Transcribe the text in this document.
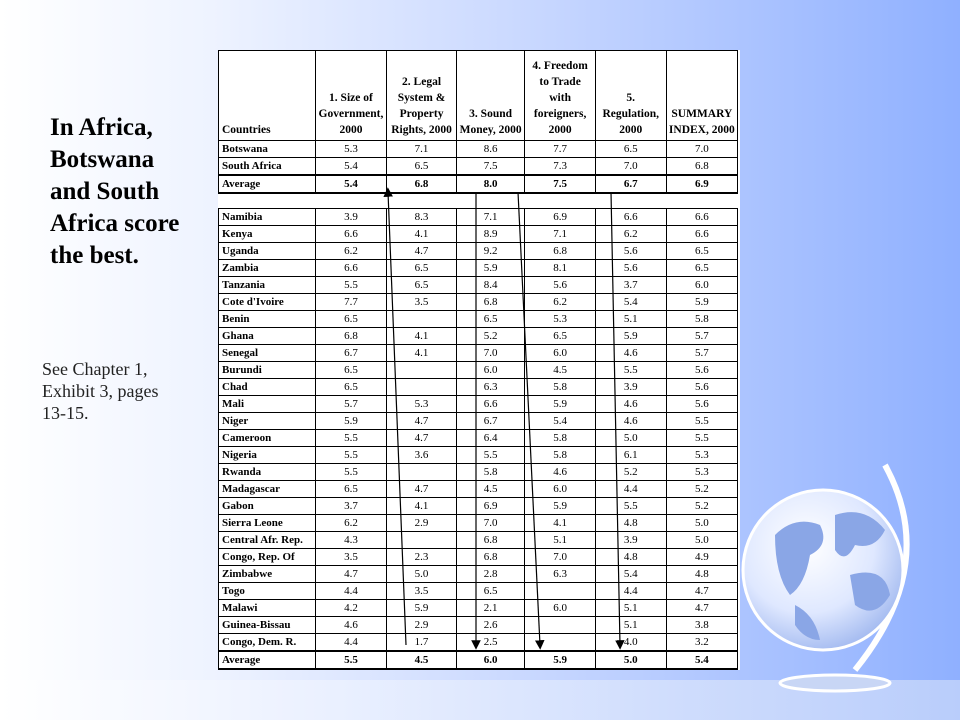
In Africa, Botswana and South Africa score the best.
See Chapter 1, Exhibit 3, pages 13-15.
Countries	1. Size of Government, 2000	2. Legal System & Property Rights, 2000	3. Sound Money, 2000	4. Freedom to Trade with foreigners, 2000	5. Regulation, 2000	SUMMARY INDEX, 2000
Botswana	5.3	7.1	8.6	7.7	6.5	7.0
South Africa	5.4	6.5	7.5	7.3	7.0	6.8
Average	5.4	6.8	8.0	7.5	6.7	6.9

Namibia	3.9	8.3	7.1	6.9	6.6	6.6
Kenya	6.6	4.1	8.9	7.1	6.2	6.6
Uganda	6.2	4.7	9.2	6.8	5.6	6.5
Zambia	6.6	6.5	5.9	8.1	5.6	6.5
Tanzania	5.5	6.5	8.4	5.6	3.7	6.0
Cote d'Ivoire	7.7	3.5	6.8	6.2	5.4	5.9
Benin	6.5		6.5	5.3	5.1	5.8
Ghana	6.8	4.1	5.2	6.5	5.9	5.7
Senegal	6.7	4.1	7.0	6.0	4.6	5.7
Burundi	6.5		6.0	4.5	5.5	5.6
Chad	6.5		6.3	5.8	3.9	5.6
Mali	5.7	5.3	6.6	5.9	4.6	5.6
Niger	5.9	4.7	6.7	5.4	4.6	5.5
Cameroon	5.5	4.7	6.4	5.8	5.0	5.5
Nigeria	5.5	3.6	5.5	5.8	6.1	5.3
Rwanda	5.5		5.8	4.6	5.2	5.3
Madagascar	6.5	4.7	4.5	6.0	4.4	5.2
Gabon	3.7	4.1	6.9	5.9	5.5	5.2
Sierra Leone	6.2	2.9	7.0	4.1	4.8	5.0
Central Afr. Rep.	4.3		6.8	5.1	3.9	5.0
Congo, Rep. Of	3.5	2.3	6.8	7.0	4.8	4.9
Zimbabwe	4.7	5.0	2.8	6.3	5.4	4.8
Togo	4.4	3.5	6.5		4.4	4.7
Malawi	4.2	5.9	2.1	6.0	5.1	4.7
Guinea-Bissau	4.6	2.9	2.6		5.1	3.8
Congo, Dem. R.	4.4	1.7	2.5		4.0	3.2
Average	5.5	4.5	6.0	5.9	5.0	5.4
